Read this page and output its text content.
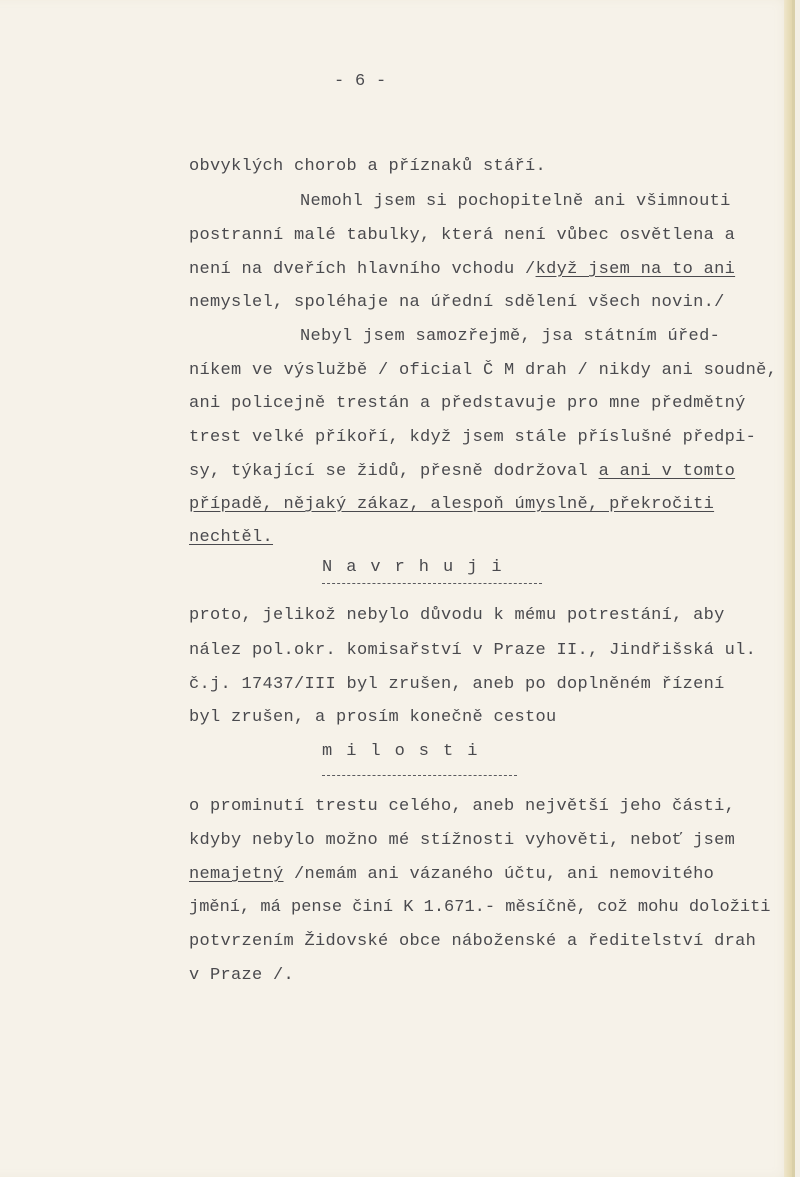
- 6 -
obvyklých chorob a příznaků stáří.
Nemohl jsem si pochopitelně ani všimnouti
postranní malé tabulky, která není vůbec osvětlena a
není na dveřích hlavního vchodu /když jsem na to ani
nemyslel, spoléhaje na úřední sdělení všech novin./
Nebyl jsem samozřejmě, jsa státním úřed-
níkem ve výslužbě / oficial Č M drah / nikdy ani soudně,
ani policejně trestán a představuje pro mne předmětný
trest velké příkoří, když jsem stále příslušné předpi-
sy, týkající se židů, přesně dodržoval a ani v tomto
případě, nějaký zákaz, alespoň úmyslně, překročiti
nechtěl.
Navrhuji
proto, jelikož nebylo důvodu k mému potrestání, aby
nález pol.okr. komisařství v Praze II., Jindřišská ul.
č.j. 17437/III byl zrušen, aneb po doplněném řízení
byl zrušen, a prosím konečně cestou
milosti
o prominutí trestu celého, aneb největší jeho části,
kdyby nebylo možno mé stížnosti vyhověti, neboť jsem
nemajetný /nemám ani vázaného účtu, ani nemovitého
jmění, má pense činí K 1.671.- měsíčně, což mohu doložiti
potvrzením Židovské obce náboženské a ředitelství drah
v Praze /.
